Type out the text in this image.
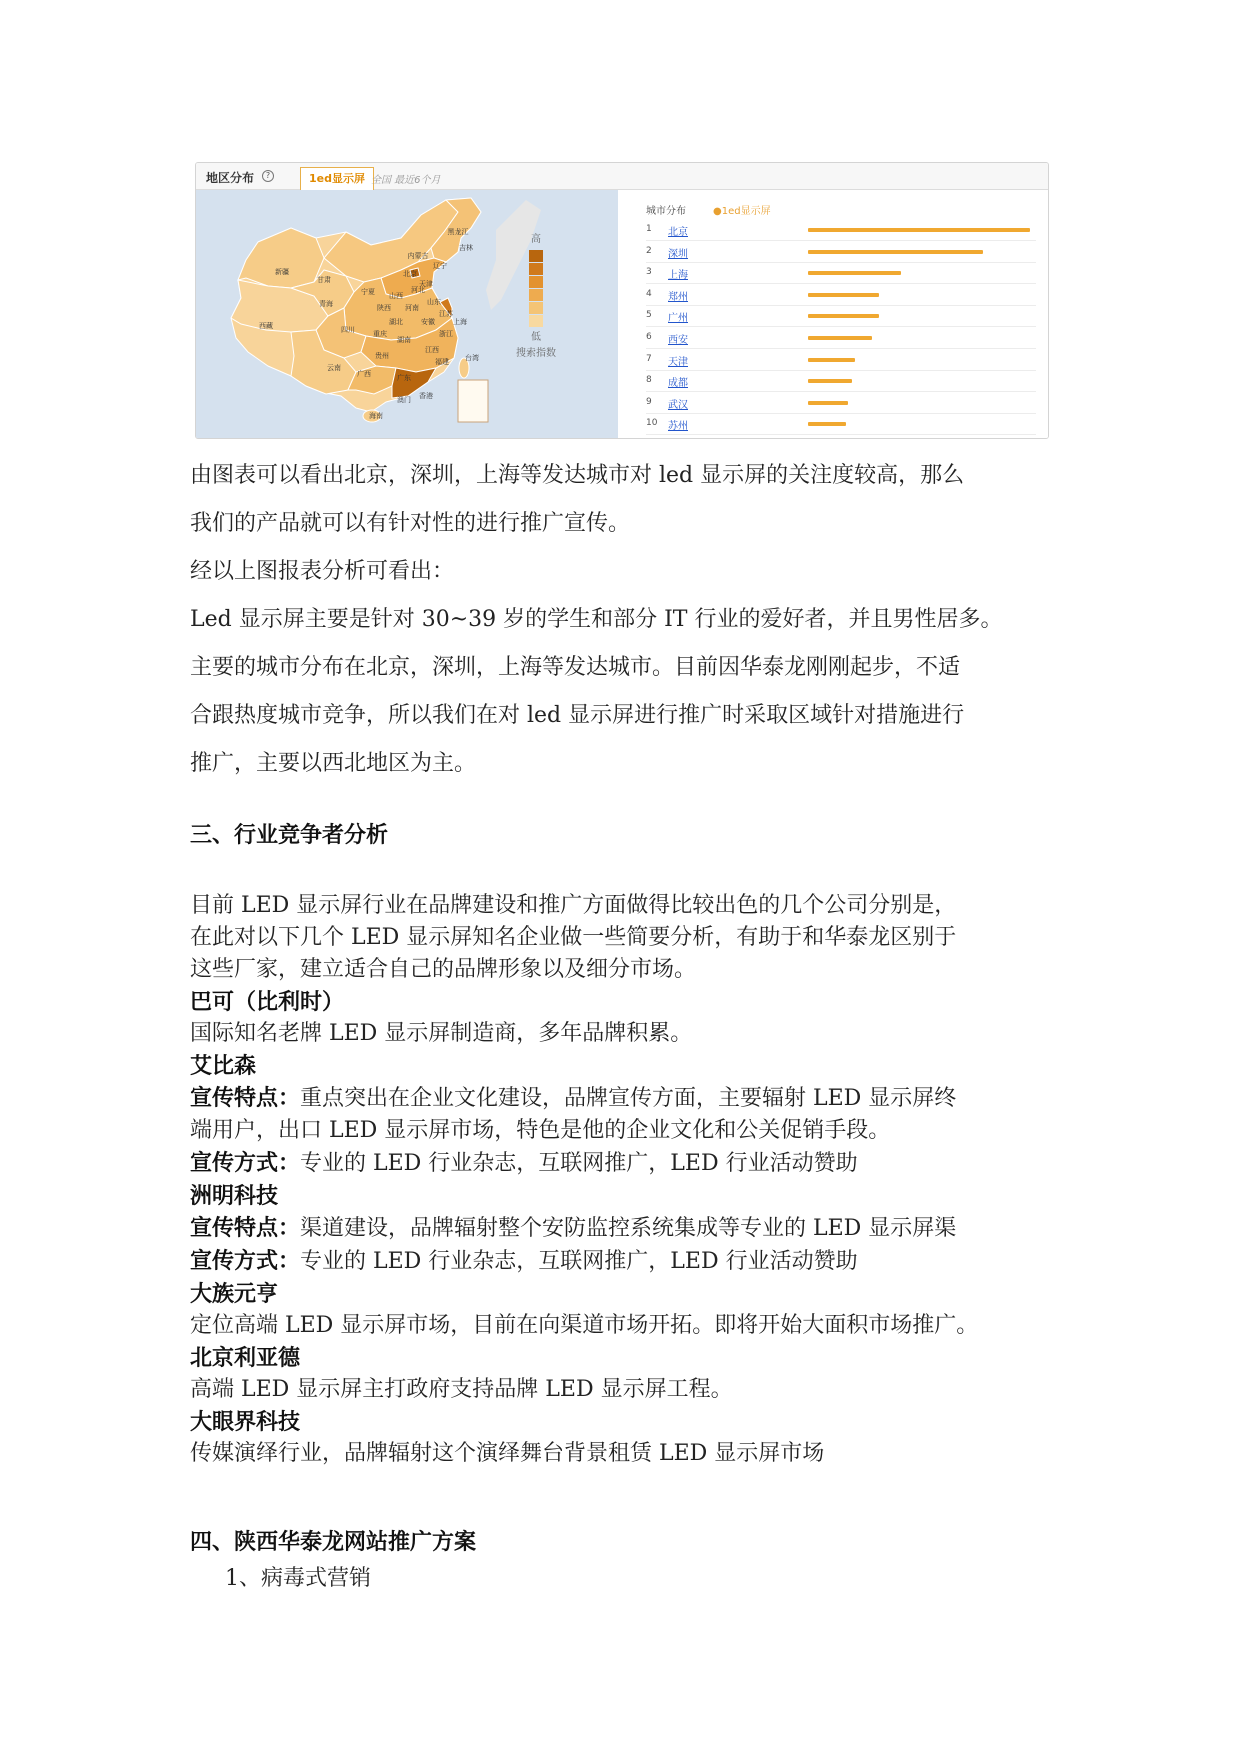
地区分布	?	1ed显示屏 全国 最近6个月
黑龙江
吉林
内蒙古
辽宁
北京
新疆
甘肃	天津
河北
宁夏 山西
山东
青海	陕西 河南
江苏
西藏	四川
湖北	安徽	上海
重庆	浙江
湖南
江西
贵州
福建
云南
广西	广东
台湾
澳门 香港
海南
高
低
搜索指数
城市分布	●1ed显示屏
1 北京
2 深圳
3 上海
4 郑州
5 广州
6 西安
7 天津
8 成都
9 武汉
10 苏州
由图表可以看出北京，深圳，上海等发达城市对 led 显示屏的关注度较高，那么
我们的产品就可以有针对性的进行推广宣传。
经以上图报表分析可看出：
Led 显示屏主要是针对 30~39 岁的学生和部分 IT 行业的爱好者，并且男性居多。
主要的城市分布在北京，深圳，上海等发达城市。目前因华泰龙刚刚起步，不适
合跟热度城市竞争，所以我们在对 led 显示屏进行推广时采取区域针对措施进行
推广，主要以西北地区为主。
三、行业竞争者分析
目前 LED 显示屏行业在品牌建设和推广方面做得比较出色的几个公司分别是，
在此对以下几个 LED 显示屏知名企业做一些简要分析，有助于和华泰龙区别于
这些厂家，建立适合自己的品牌形象以及细分市场。
巴可（比利时）
国际知名老牌 LED 显示屏制造商，多年品牌积累。
艾比森
宣传特点：重点突出在企业文化建设，品牌宣传方面，主要辐射 LED 显示屏终
端用户，出口 LED 显示屏市场，特色是他的企业文化和公关促销手段。
宣传方式：专业的 LED 行业杂志，互联网推广，LED 行业活动赞助
洲明科技
宣传特点：渠道建设，品牌辐射整个安防监控系统集成等专业的 LED 显示屏渠
宣传方式：专业的 LED 行业杂志，互联网推广，LED 行业活动赞助
大族元亨
定位高端 LED 显示屏市场，目前在向渠道市场开拓。即将开始大面积市场推广。
北京利亚德
高端 LED 显示屏主打政府支持品牌 LED 显示屏工程。
大眼界科技
传媒演绎行业，品牌辐射这个演绎舞台背景租赁 LED 显示屏市场
四、陕西华泰龙网站推广方案
1、病毒式营销
